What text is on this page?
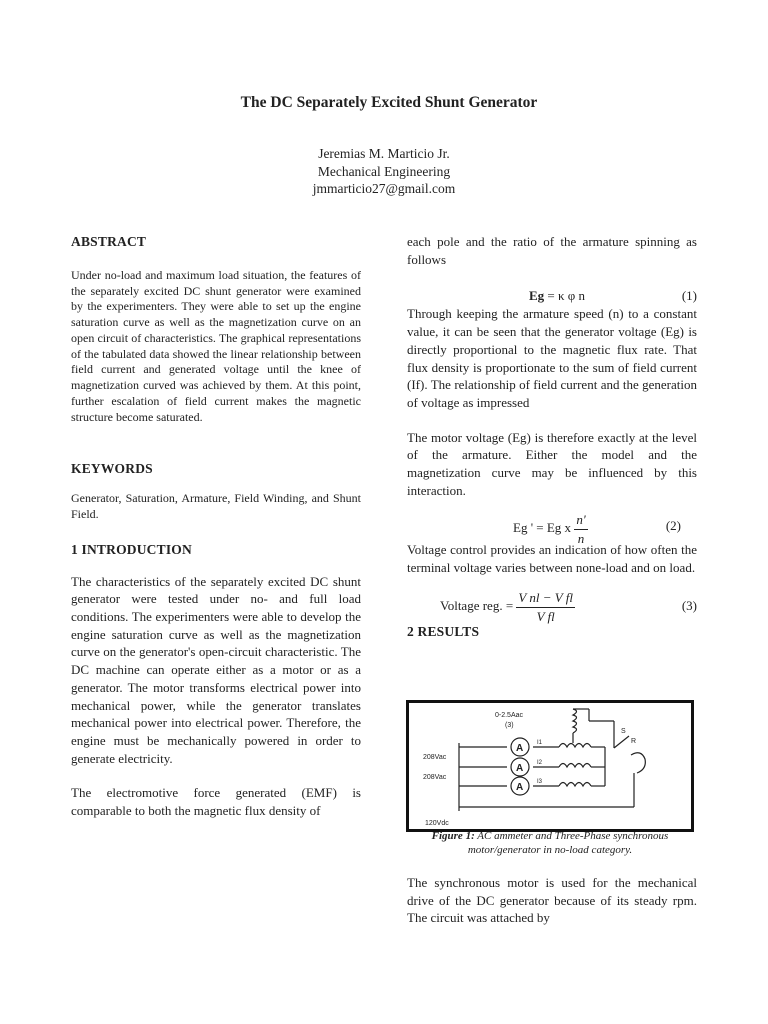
The DC Separately Excited Shunt Generator
Jeremias M. Marticio Jr.
Mechanical Engineering
jmmarticio27@gmail.com

ABSTRACT

Under no-load and maximum load situation, the features of the separately excited DC shunt generator were examined by the experimenters. They were able to set up the engine saturation curve as well as the magnetization curve on an open circuit of characteristics. The graphical representations of the tabulated data showed the linear relationship between field current and generated voltage until the knee of magnetization curved was achieved by them. At this point, further escalation of field current makes the magnetic structure become saturated.

KEYWORDS

Generator, Saturation, Armature, Field Winding, and Shunt Field.

1 INTRODUCTION

The characteristics of the separately excited DC shunt generator were tested under no- and full load conditions. The experimenters were able to develop the engine saturation curve as well as the magnetization curve on the generator's open-circuit characteristic. The DC machine can operate either as a motor or as a generator. The motor transforms electrical power into mechanical power, while the generator translates mechanical power into electrical power. Therefore, the engine must be mechanically powered in order to generate electricity.

The electromotive force generated (EMF) is comparable to both the magnetic flux density of

each pole and the ratio of the armature spinning as follows

Eg = κ φ n	(1)

Through keeping the armature speed (n) to a constant value, it can be seen that the generator voltage (Eg) is directly proportional to the magnetic flux rate. That flux density is proportionate to the sum of field current (If). The relationship of field current and the generation of voltage as impressed

The motor voltage (Eg) is therefore exactly at the level of the armature. Either the model and the magnetization curve may be influenced by this interaction.

Eg ' = Eg x $\frac{n'}{n}$	(2)

Voltage control provides an indication of how often the terminal voltage varies between none-load and on load.

Voltage reg. = $\frac{\text{V nl − V fl}}{\text{V fl}}$	(3)

2 RESULTS

0-2.5Aac
(3)
208Vac
208Vac
120Vdc
A
A
A
I1
I2
I3
S
R
Figure 1: AC ammeter and Three-Phase synchronous motor/generator in no-load category.

The synchronous motor is used for the mechanical drive of the DC generator because of its steady rpm. The circuit was attached by
